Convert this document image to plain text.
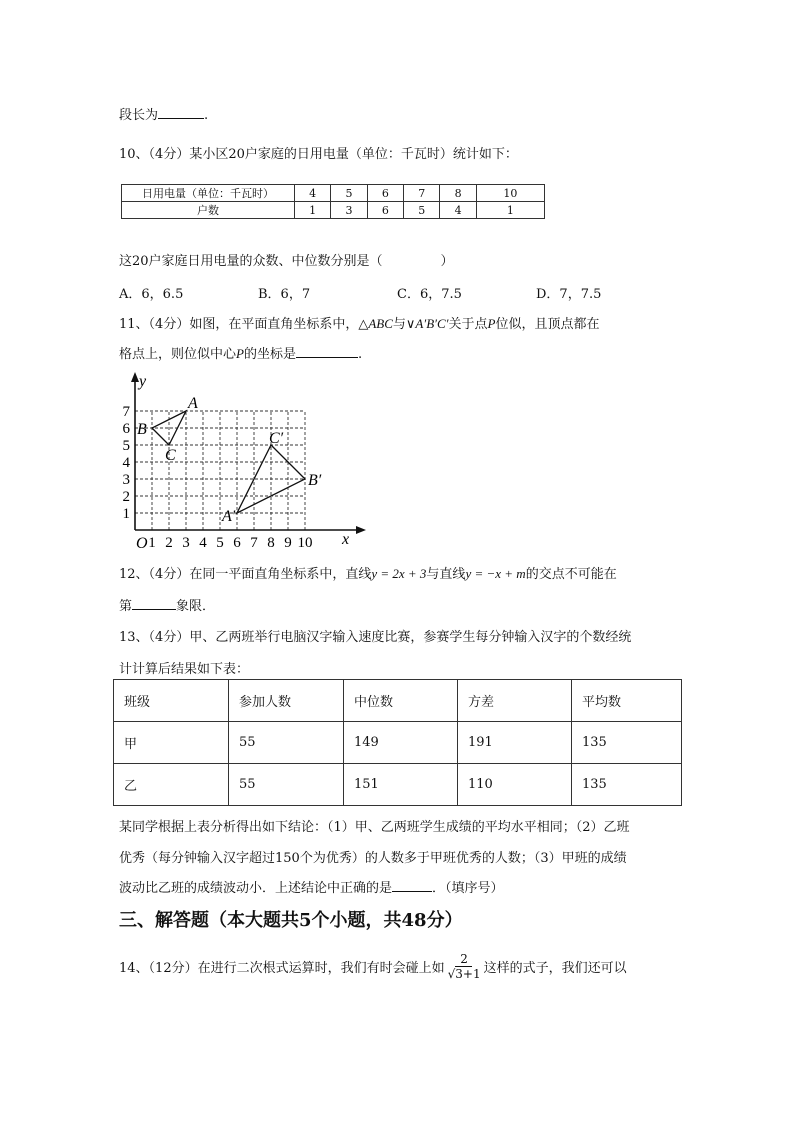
段长为	.
10、（4分）某小区20户家庭的日用电量（单位：千瓦时）统计如下：
日用电量（单位：千瓦时）	4	5	6	7	8	10
户数	1	3	6	5	4	1
这20户家庭日用电量的众数、中位数分别是（	）
A．6，6.5	B．6，7	C．6，7.5	D．7，7.5
11、（4分）如图，在平面直角坐标系中，△ABC与∨A′B′C′关于点P位似，且顶点都在
格点上，则位似中心P的坐标是	.
y
x
O 1 2 3 4 5 6 7 8 9 10
1
2
3
4
5
6
7	A
B
C
A′
B′
C′
12、（4分）在同一平面直角坐标系中，直线y = 2x + 3与直线y = −x + m的交点不可能在
第	象限．
13、（4分）甲、乙两班举行电脑汉字输入速度比赛，参赛学生每分钟输入汉字的个数经统
计计算后结果如下表：
班级	参加人数	中位数	方差	平均数
甲	55	149	191	135
乙	55	151	110	135
某同学根据上表分析得出如下结论：（1）甲、乙两班学生成绩的平均水平相同；（2）乙班
优秀（每分钟输入汉字超过150个为优秀）的人数多于甲班优秀的人数；（3）甲班的成绩
波动比乙班的成绩波动小．上述结论中正确的是	．（填序号）
三、解答题（本大题共5个小题，共48分）
14、（12分）在进行二次根式运算时，我们有时会碰上如 $\frac{2}{√3+1}$ 这样的式子，我们还可以
